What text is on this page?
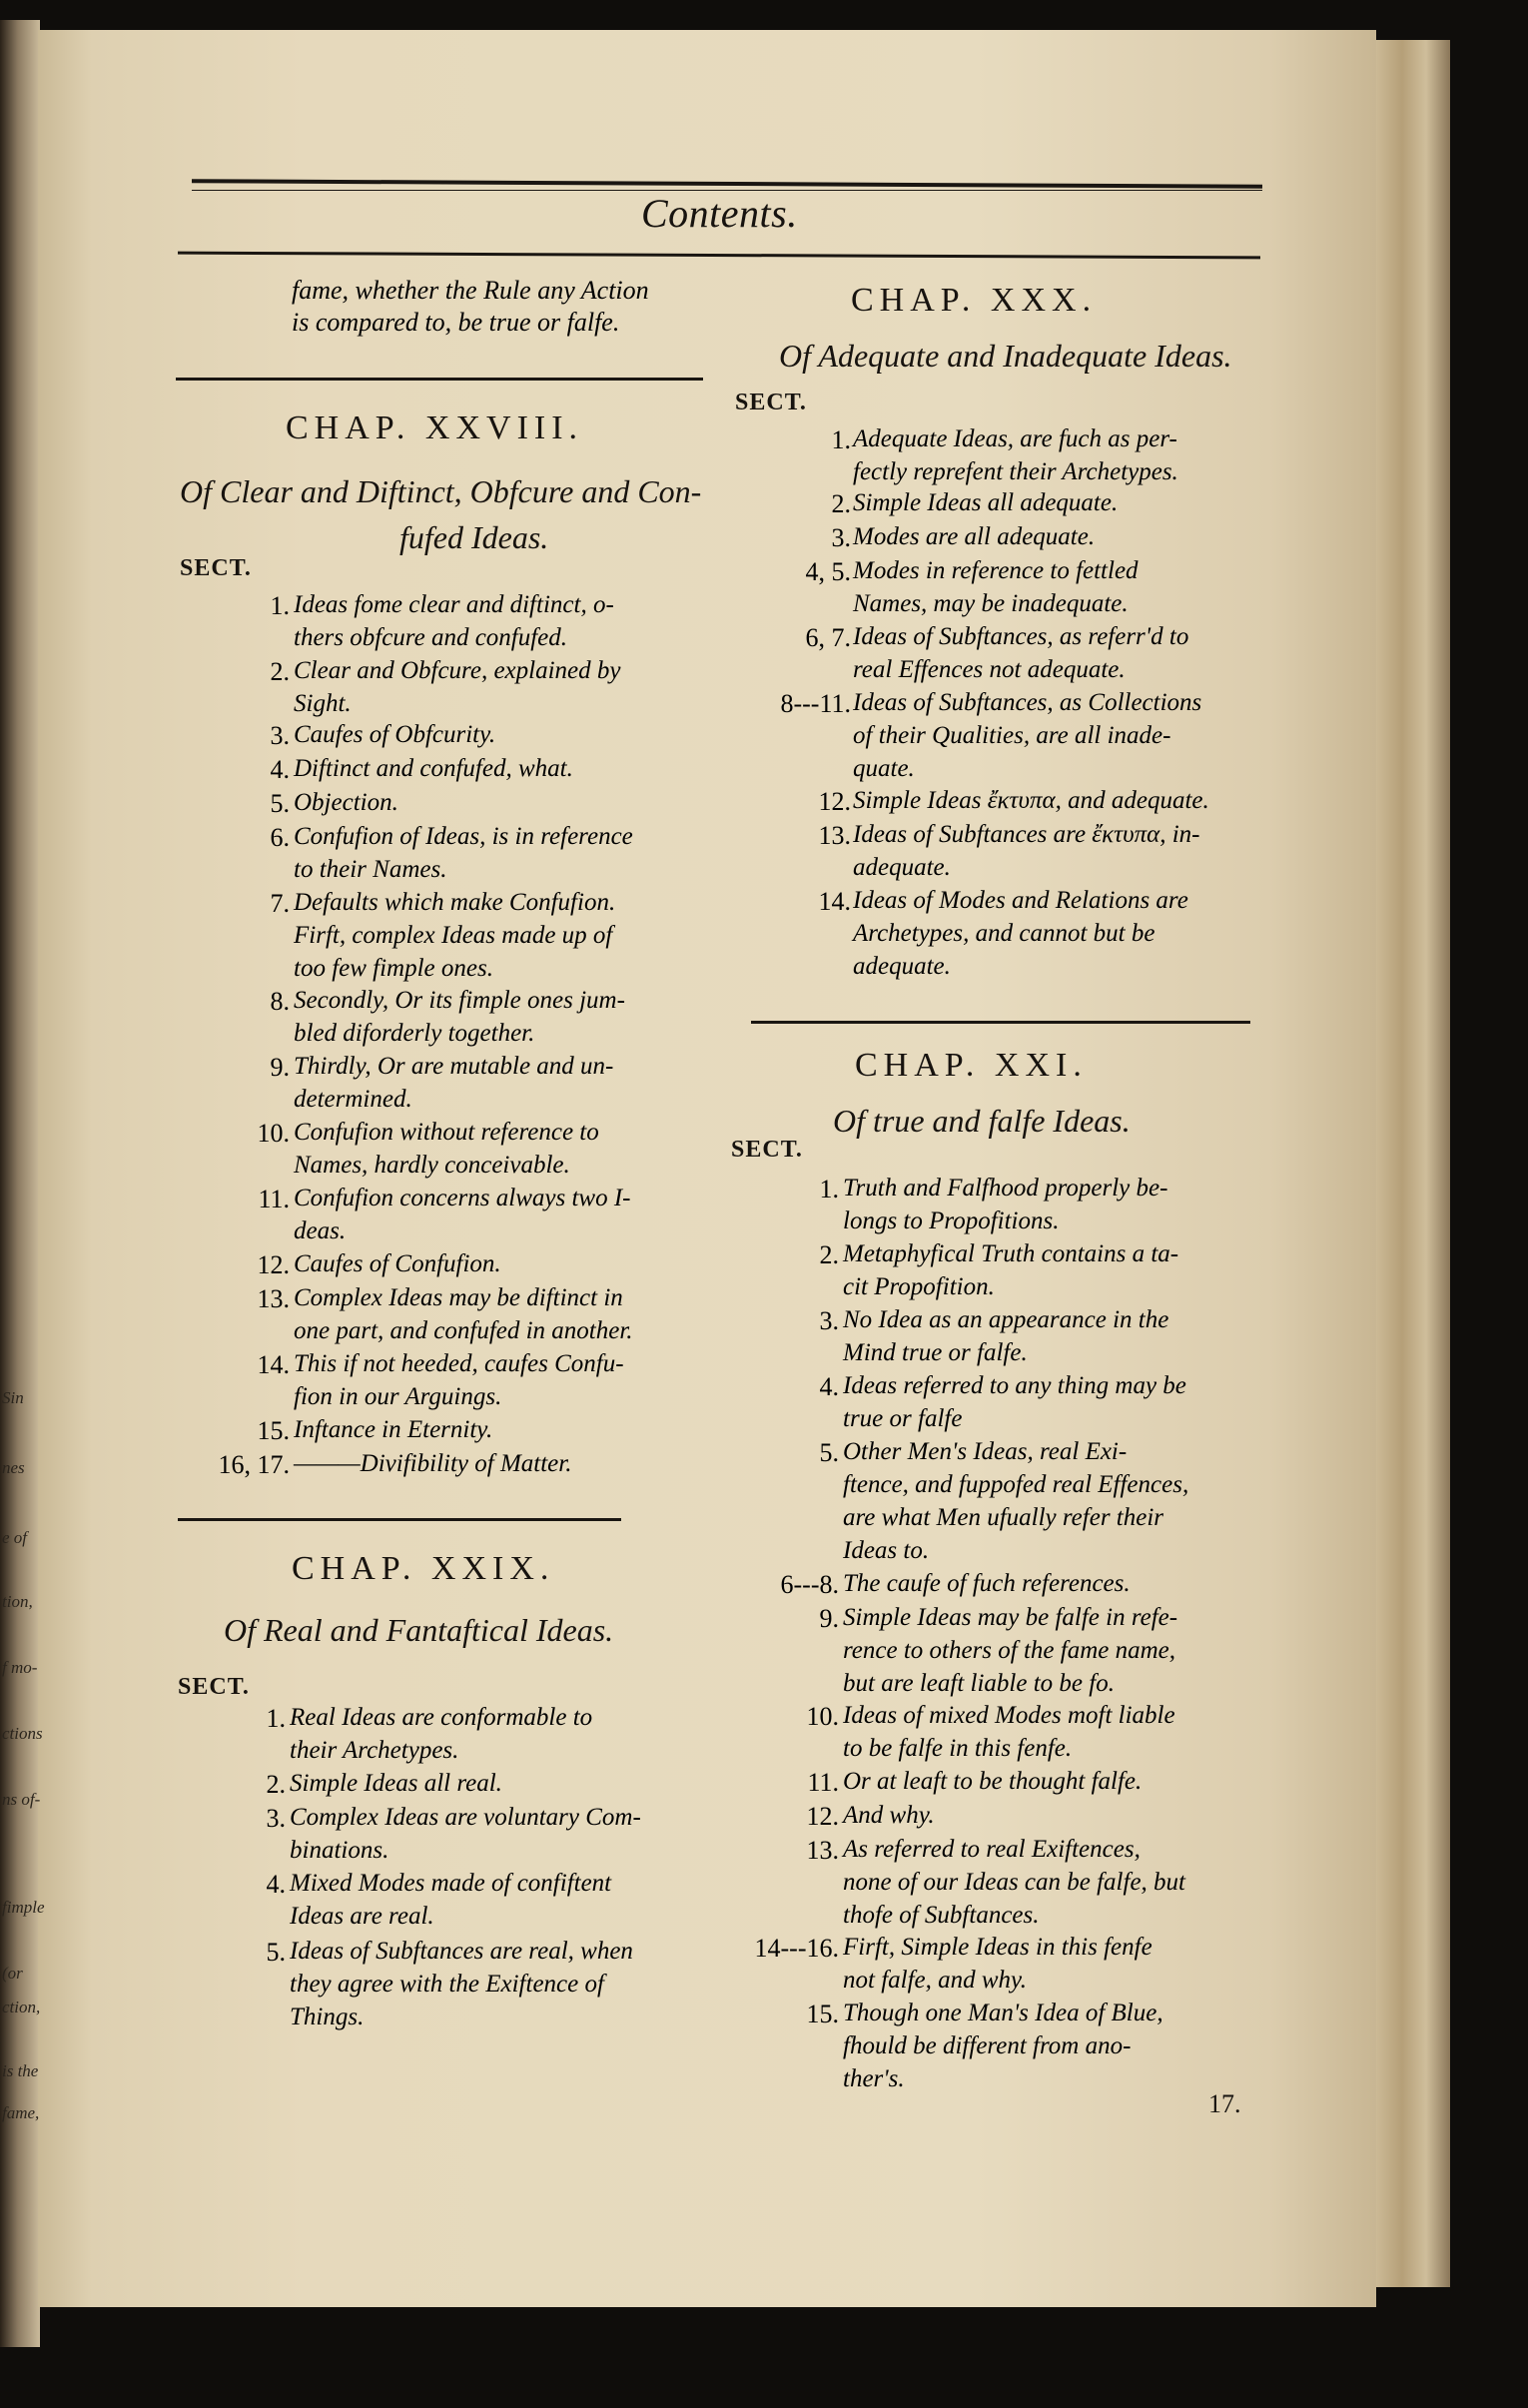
Contents.
fame, whether the Rule any Action
is compared to, be true or falfe.
CHAP. XXVIII.
Of Clear and Diftinct, Obfcure and Con-
fufed Ideas.
SECT.
1. Ideas fome clear and diftinct, o-
thers obfcure and confufed.
2. Clear and Obfcure, explained by
Sight.
3. Caufes of Obfcurity.
4. Diftinct and confufed, what.
5. Objection.
6. Confufion of Ideas, is in reference
to their Names.
7. Defaults which make Confufion.
Firft, complex Ideas made up of
too few fimple ones.
8. Secondly, Or its fimple ones jum-
bled diforderly together.
9. Thirdly, Or are mutable and un-
determined.
10. Confufion without reference to
Names, hardly conceivable.
11. Confufion concerns always two I-
deas.
12. Caufes of Confufion.
13. Complex Ideas may be diftinct in
one part, and confufed in another.
14. This if not heeded, caufes Confu-
fion in our Arguings.
15. Inftance in Eternity.
16, 17. ———Divifibility of Matter.
CHAP. XXIX.
Of Real and Fantaftical Ideas.
SECT.
1. Real Ideas are conformable to
their Archetypes.
2. Simple Ideas all real.
3. Complex Ideas are voluntary Com-
binations.
4. Mixed Modes made of confiftent
Ideas are real.
5. Ideas of Subftances are real, when
they agree with the Exiftence of
Things.
CHAP. XXX.
Of Adequate and Inadequate Ideas.
SECT.
1. Adequate Ideas, are fuch as per-
fectly reprefent their Archetypes.
2. Simple Ideas all adequate.
3. Modes are all adequate.
4, 5. Modes in reference to fettled
Names, may be inadequate.
6, 7. Ideas of Subftances, as referr'd to
real Effences not adequate.
8---11. Ideas of Subftances, as Collections
of their Qualities, are all inade-
quate.
12. Simple Ideas ἔκτυπα, and adequate.
13. Ideas of Subftances are ἔκτυπα, in-
adequate.
14. Ideas of Modes and Relations are
Archetypes, and cannot but be
adequate.
CHAP. XXI.
Of true and falfe Ideas.
SECT.
1. Truth and Falfhood properly be-
longs to Propofitions.
2. Metaphyfical Truth contains a ta-
cit Propofition.
3. No Idea as an appearance in the
Mind true or falfe.
4. Ideas referred to any thing may be
true or falfe
5. Other Men's Ideas, real Exi-
ftence, and fuppofed real Effences,
are what Men ufually refer their
Ideas to.
6---8. The caufe of fuch references.
9. Simple Ideas may be falfe in refe-
rence to others of the fame name,
but are leaft liable to be fo.
10. Ideas of mixed Modes moft liable
to be falfe in this fenfe.
11. Or at leaft to be thought falfe.
12. And why.
13. As referred to real Exiftences,
none of our Ideas can be falfe, but
thofe of Subftances.
14---16. Firft, Simple Ideas in this fenfe
not falfe, and why.
15. Though one Man's Idea of Blue,
fhould be different from ano-
ther's.
17.
Sin
nes
e of
tion,
f mo-
ctions
ns of-
fimple
(or
ction,
is the
fame,
